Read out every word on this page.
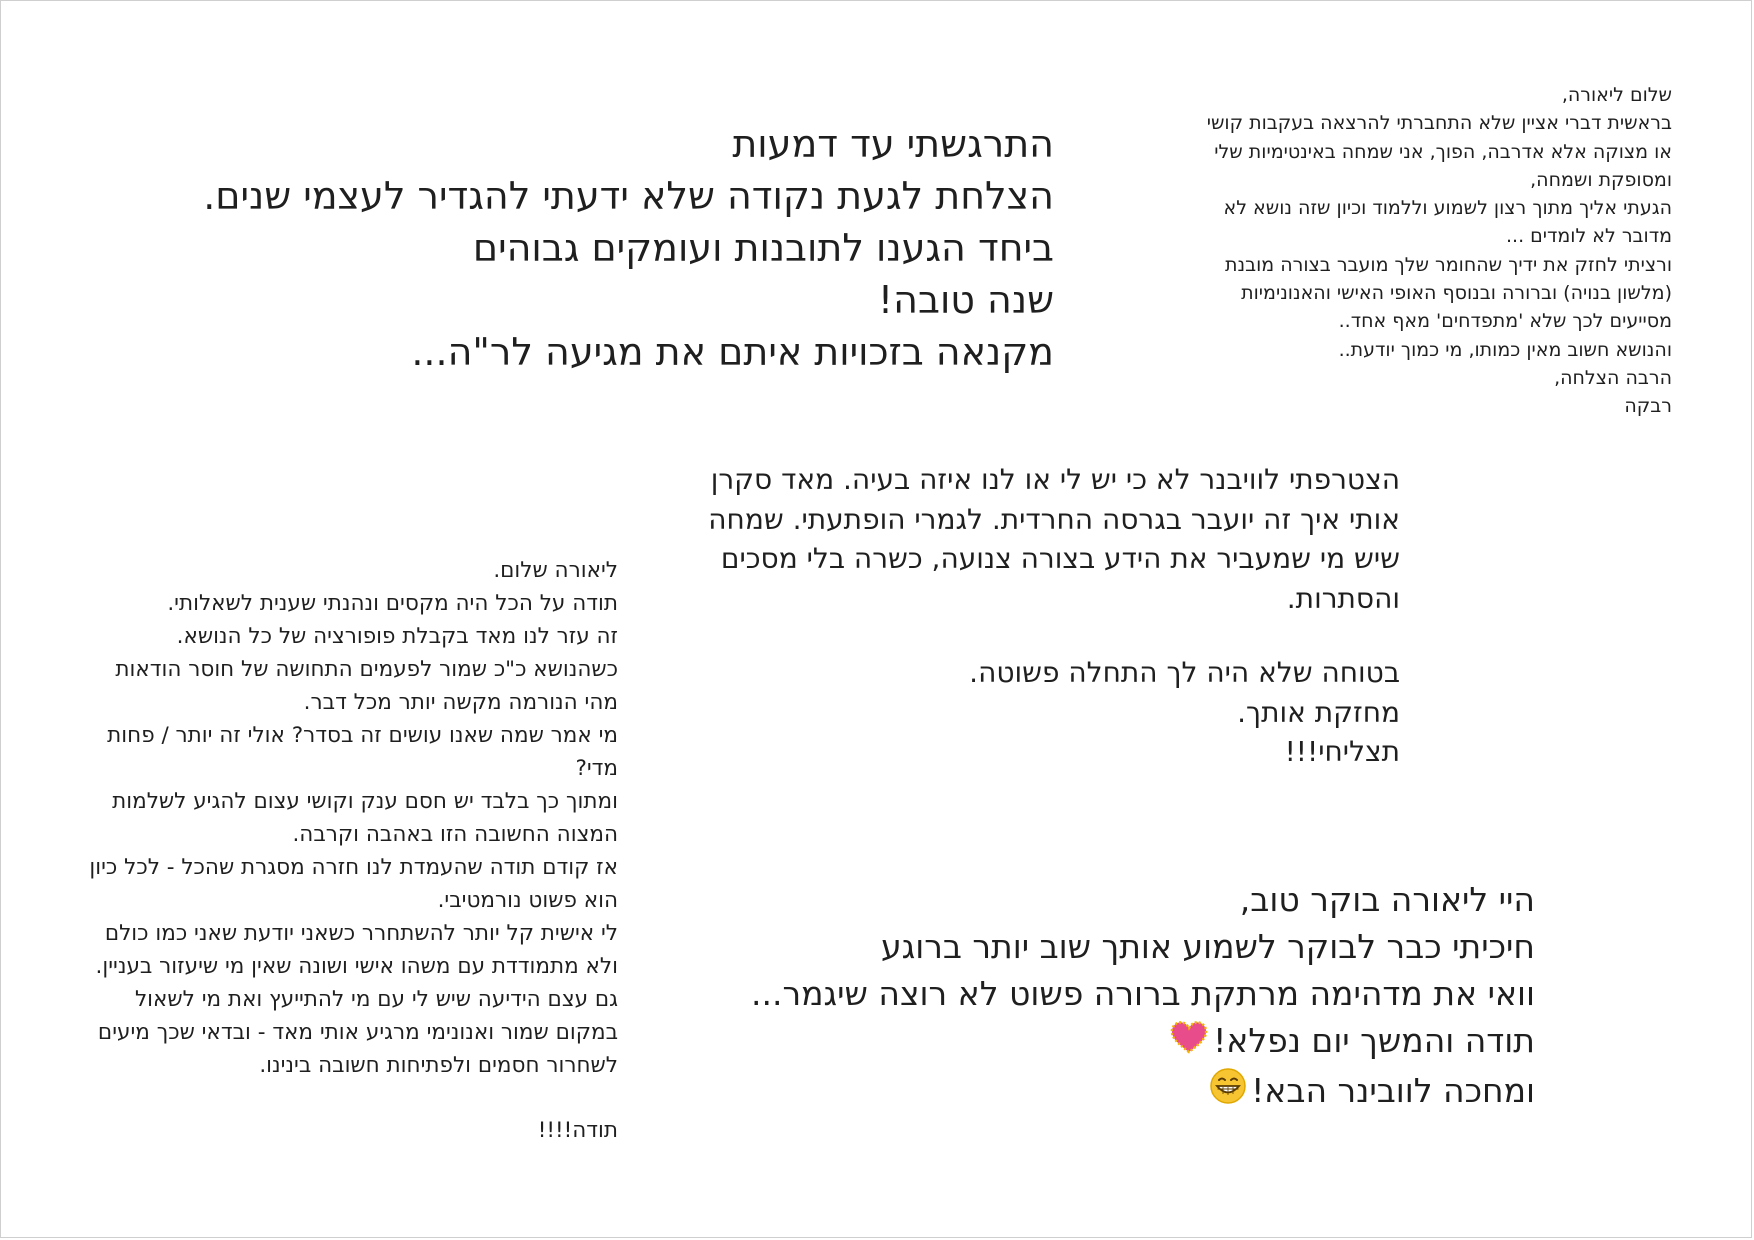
שלום ליאורה,
בראשית דברי אציין שלא התחברתי להרצאה בעקבות קושי
או מצוקה אלא אדרבה, הפוך, אני שמחה באינטימיות שלי
ומסופקת ושמחה,
הגעתי אליך מתוך רצון לשמוע וללמוד וכיון שזה נושא לא
מדובר לא לומדים ...
ורציתי לחזק את ידיך שהחומר שלך מועבר בצורה מובנת
(מלשון בנויה) וברורה ובנוסף האופי האישי והאנונימיות
מסייעים לכך שלא 'מתפדחים' מאף אחד..
והנושא חשוב מאין כמותו, מי כמוך יודעת..
הרבה הצלחה,
רבקה
התרגשתי עד דמעות
הצלחת לגעת נקודה שלא ידעתי להגדיר לעצמי שנים.
ביחד הגענו לתובנות ועומקים גבוהים
שנה טובה!
מקנאה בזכויות איתם את מגיעה לר"ה...
הצטרפתי לוויבנר לא כי יש לי או לנו איזה בעיה. מאד סקרן
אותי איך זה יועבר בגרסה החרדית. לגמרי הופתעתי. שמחה
שיש מי שמעביר את הידע בצורה צנועה, כשרה בלי מסכים
והסתרות.
בטוחה שלא היה לך התחלה פשוטה.
מחזקת אותך.
תצליחי!!!
ליאורה שלום.
תודה על הכל היה מקסים ונהנתי שענית לשאלותי.
זה עזר לנו מאד בקבלת פופורציה של כל הנושא.
כשהנושא כ"כ שמור לפעמים התחושה של חוסר הודאות
מהי הנורמה מקשה יותר מכל דבר.
מי אמר שמה שאנו עושים זה בסדר? אולי זה יותר / פחות
מדי?
ומתוך כך בלבד יש חסם ענק וקושי עצום להגיע לשלמות
המצוה החשובה הזו באהבה וקרבה.
אז קודם תודה שהעמדת לנו חזרה מסגרת שהכל - לכל כיון
הוא פשוט נורמטיבי.
לי אישית קל יותר להשתחרר כשאני יודעת שאני כמו כולם
ולא מתמודדת עם משהו אישי ושונה שאין מי שיעזור בעניין.
גם עצם הידיעה שיש לי עם מי להתייעץ ואת מי לשאול
במקום שמור ואנונימי מרגיע אותי מאד - ובדאי שכך מיעים
לשחרור חסמים ולפתיחות חשובה בינינו.
תודה!!!!
היי ליאורה בוקר טוב,
חיכיתי כבר לבוקר לשמוע אותך שוב יותר ברוגע
וואי את מדהימה מרתקת ברורה פשוט לא רוצה שיגמר...
תודה והמשך יום נפלא!
ומחכה לוובינר הבא!
